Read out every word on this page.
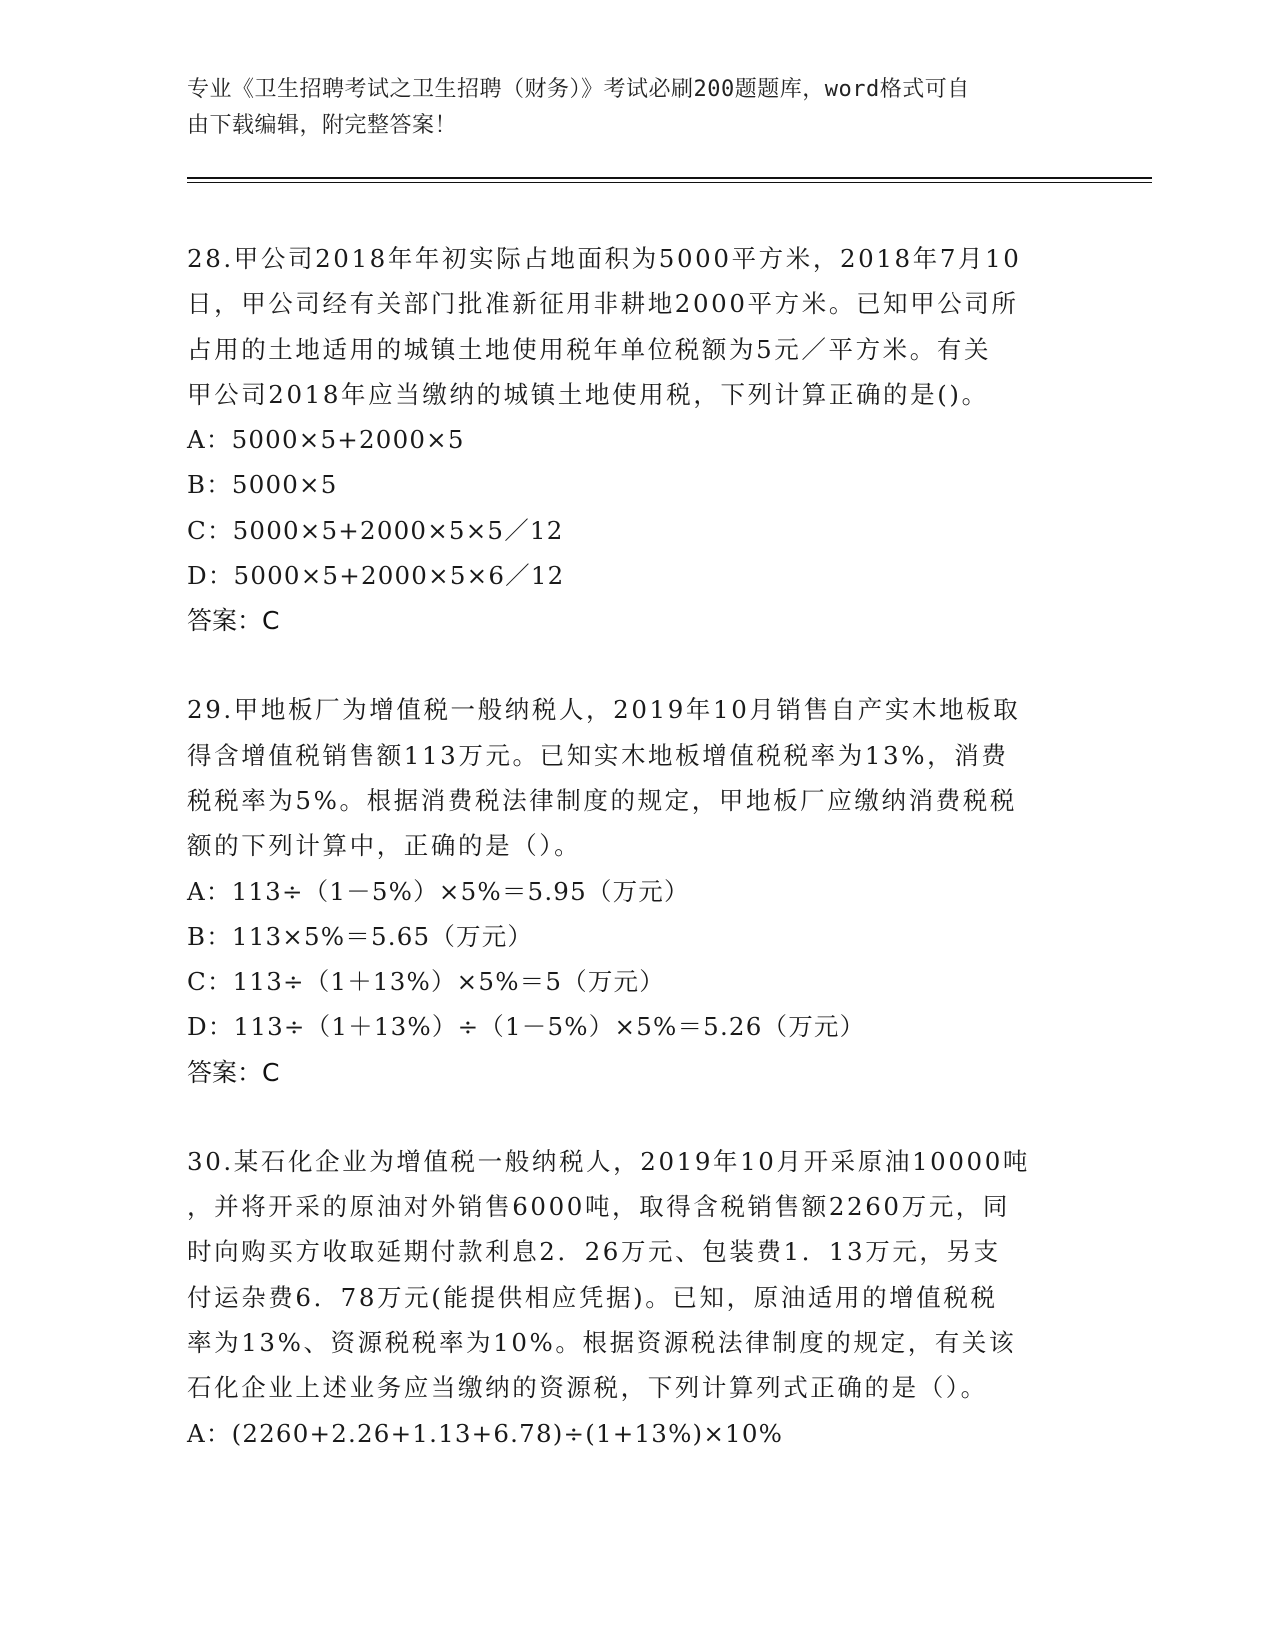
专业《卫生招聘考试之卫生招聘（财务）》考试必刷200题题库，word格式可自
由下载编辑，附完整答案！

28.甲公司2018年年初实际占地面积为5000平方米，2018年7月10
日，甲公司经有关部门批准新征用非耕地2000平方米。已知甲公司所
占用的土地适用的城镇土地使用税年单位税额为5元／平方米。有关
甲公司2018年应当缴纳的城镇土地使用税，下列计算正确的是()。

A：5000×5+2000×5

B：5000×5

C：5000×5+2000×5×5／12

D：5000×5+2000×5×6／12

答案：C

29.甲地板厂为增值税一般纳税人，2019年10月销售自产实木地板取
得含增值税销售额113万元。已知实木地板增值税税率为13%，消费
税税率为5%。根据消费税法律制度的规定，甲地板厂应缴纳消费税税
额的下列计算中，正确的是（）。

A：113÷（1－5%）×5%＝5.95（万元）

B：113×5%＝5.65（万元）

C：113÷（1＋13%）×5%＝5（万元）

D：113÷（1＋13%）÷（1－5%）×5%＝5.26（万元）

答案：C

30.某石化企业为增值税一般纳税人，2019年10月开采原油10000吨
，并将开采的原油对外销售6000吨，取得含税销售额2260万元，同
时向购买方收取延期付款利息2．26万元、包装费1．13万元，另支
付运杂费6．78万元(能提供相应凭据)。已知，原油适用的增值税税
率为13%、资源税税率为10%。根据资源税法律制度的规定，有关该
石化企业上述业务应当缴纳的资源税，下列计算列式正确的是（）。

A：(2260+2.26+1.13+6.78)÷(1+13%)×10%
